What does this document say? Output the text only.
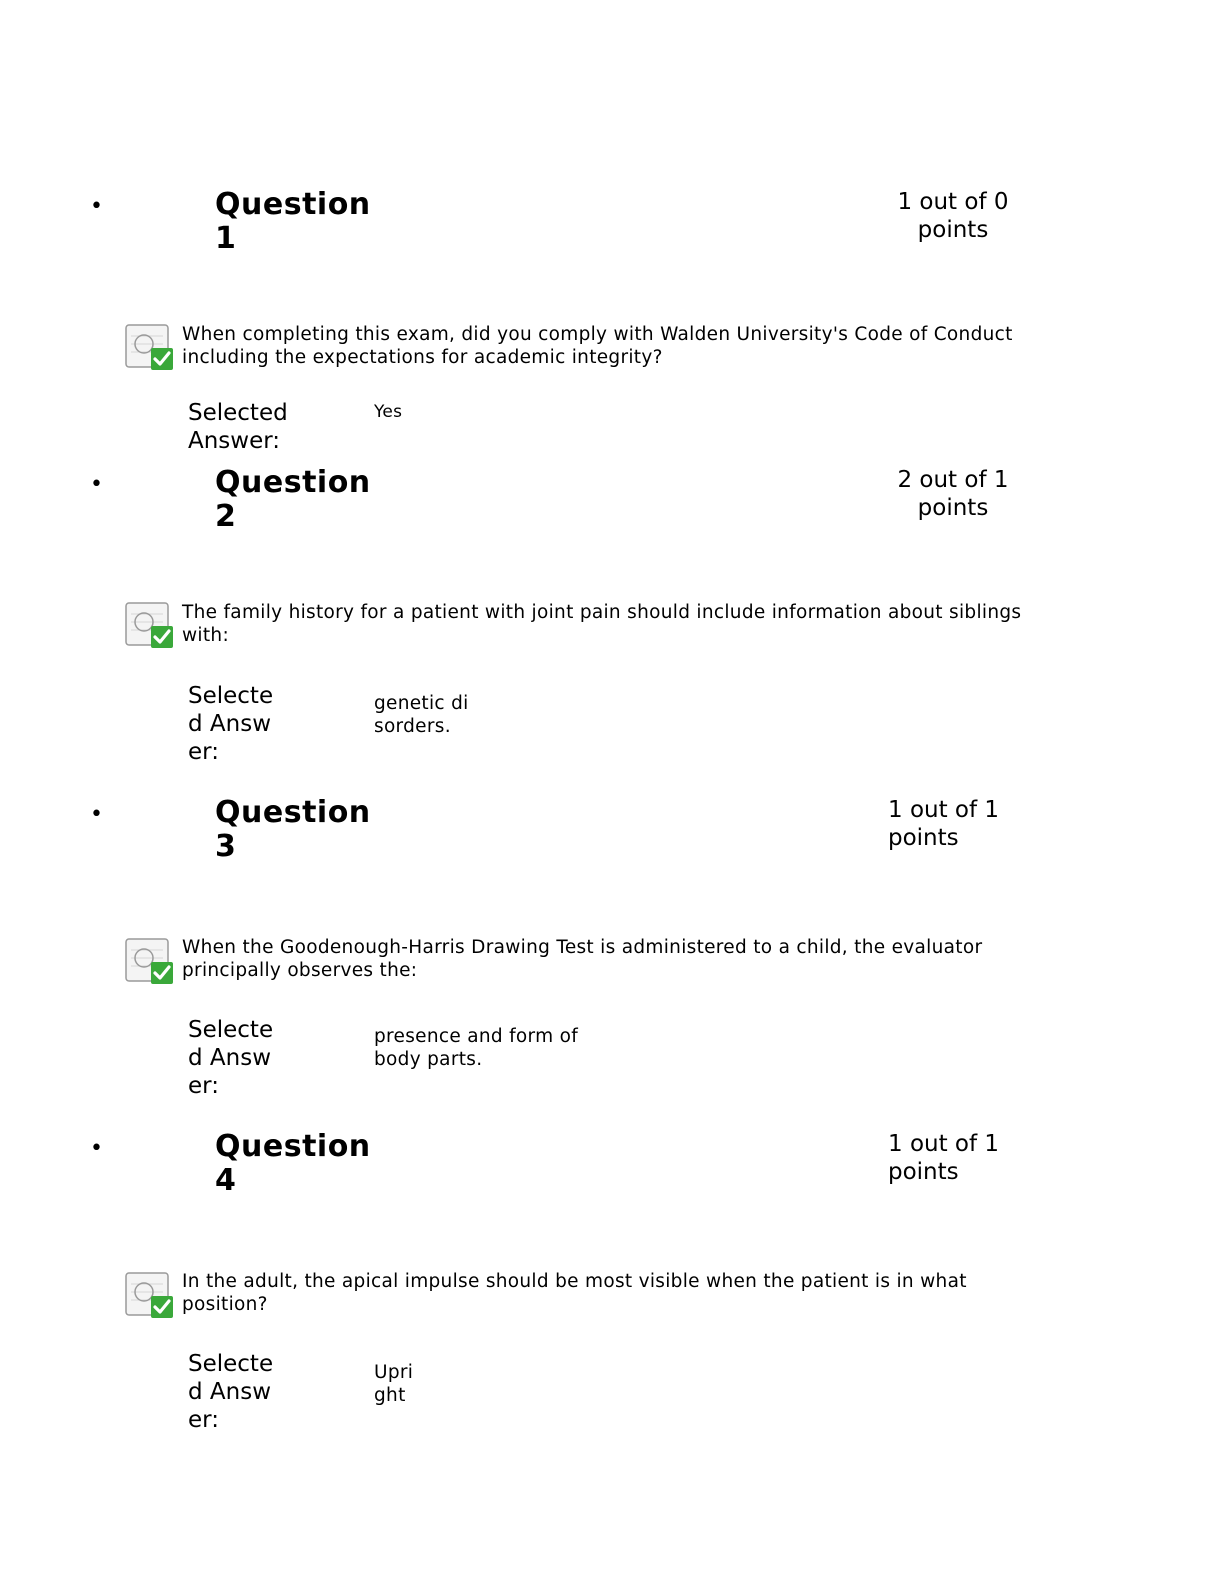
•	Question
1
1 out of 0
points
When completing this exam, did you comply with Walden University's Code of Conduct including the expectations for academic integrity?
Selected Answer:
Yes
•	Question
2
2 out of 1
points
The family history for a patient with joint pain should include information about siblings with:
Selected Answer:
genetic disorders.
•	Question
3
1 out of 1
points
When the Goodenough-Harris Drawing Test is administered to a child, the evaluator principally observes the:
Selected Answer:
presence and form of body parts.
•	Question
4
1 out of 1
points
In the adult, the apical impulse should be most visible when the patient is in what position?
Selected Answer:
Upright
